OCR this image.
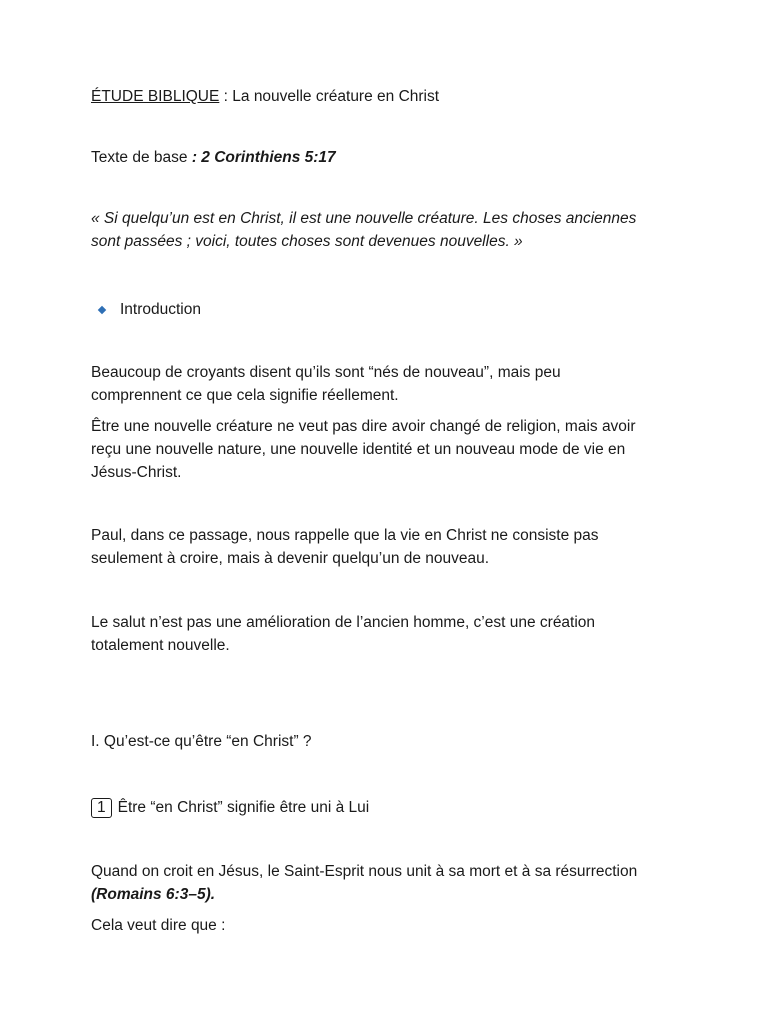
ÉTUDE BIBLIQUE : La nouvelle créature en Christ
Texte de base : 2 Corinthiens 5:17
« Si quelqu’un est en Christ, il est une nouvelle créature. Les choses anciennes
sont passées ; voici, toutes choses sont devenues nouvelles. »
Introduction
Beaucoup de croyants disent qu’ils sont “nés de nouveau”, mais peu
comprennent ce que cela signifie réellement.
Être une nouvelle créature ne veut pas dire avoir changé de religion, mais avoir
reçu une nouvelle nature, une nouvelle identité et un nouveau mode de vie en
Jésus-Christ.
Paul, dans ce passage, nous rappelle que la vie en Christ ne consiste pas
seulement à croire, mais à devenir quelqu’un de nouveau.
Le salut n’est pas une amélioration de l’ancien homme, c’est une création
totalement nouvelle.
I. Qu’est-ce qu’être “en Christ” ?
1 Être “en Christ” signifie être uni à Lui
Quand on croit en Jésus, le Saint-Esprit nous unit à sa mort et à sa résurrection
(Romains 6:3–5).
Cela veut dire que :
